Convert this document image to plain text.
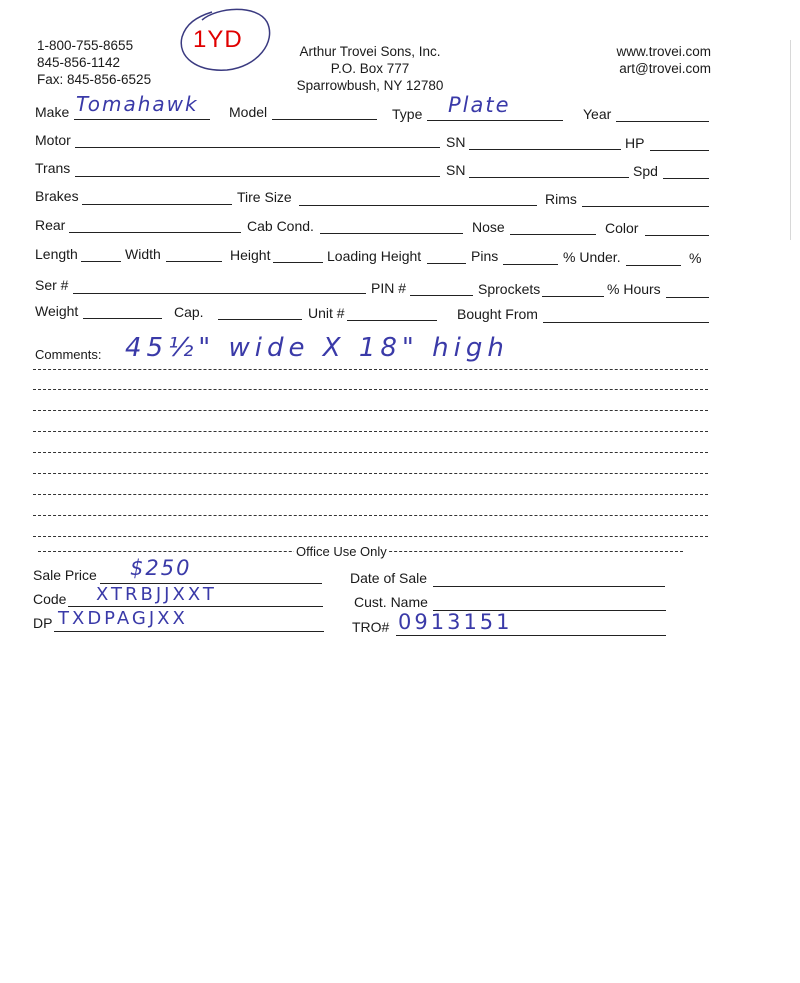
1-800-755-8655
845-856-1142
Fax: 845-856-6525
1YD	Arthur Trovei Sons, Inc.
P.O. Box 777
Sparrowbush, NY 12780
www.trovei.com
art@trovei.com
Make Tomahawk Model	Type Plate	Year
Motor	SN	HP
Trans	SN	Spd
Brakes	Tire Size	Rims
Rear	Cab Cond.	Nose	Color
Length	Width	Height	Loading Height	Pins	% Under.	%
Ser #	PIN #	Sprockets	% Hours
Weight	Cap.	Unit #	Bought From
Comments: 45½" wide X 18" high
Office Use Only
Sale Price $250	Date of Sale
Code XTRBJJXXT	Cust. Name
DP TXDPAGJXX	TRO# 0913151
